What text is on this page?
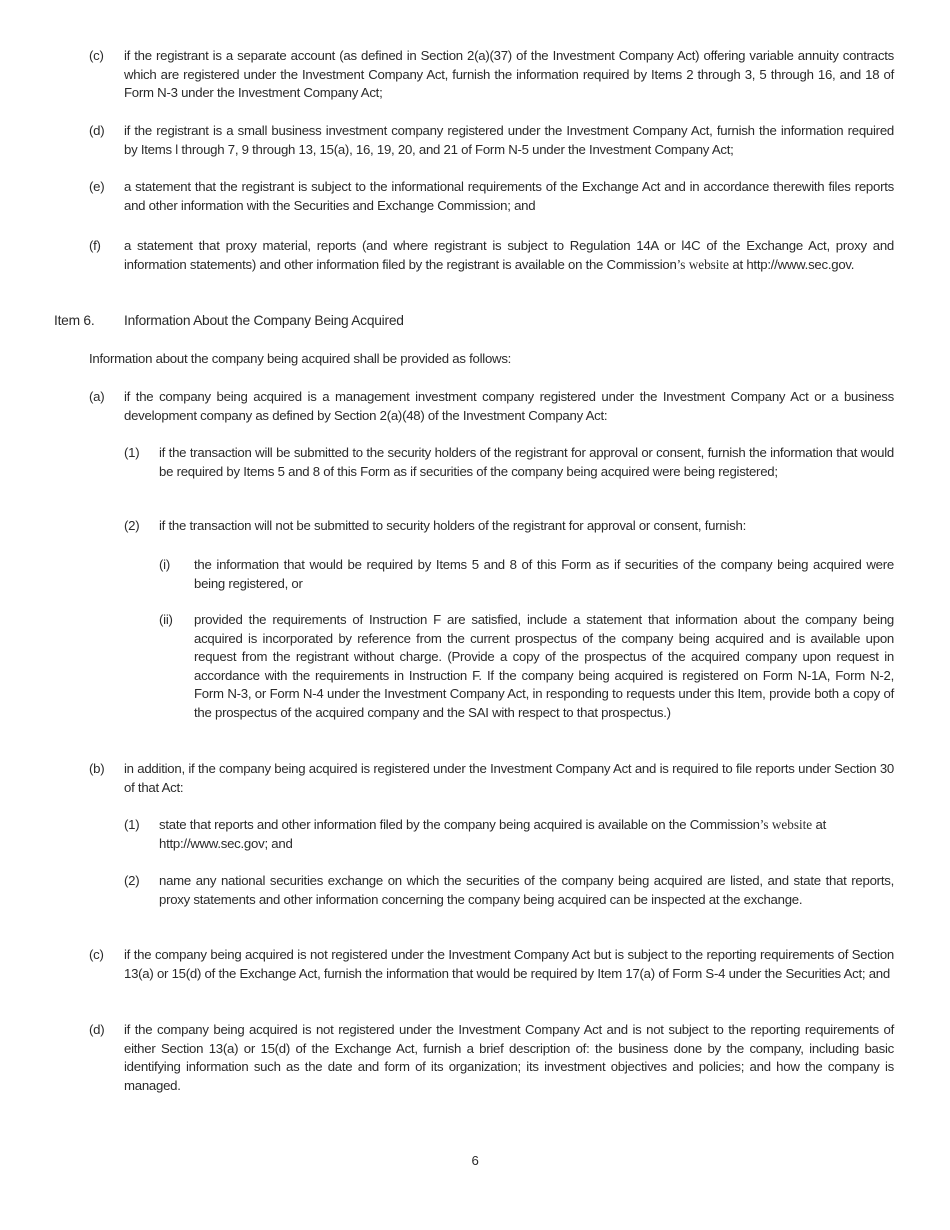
(c) if the registrant is a separate account (as defined in Section 2(a)(37) of the Investment Company Act) offering variable annuity contracts which are registered under the Investment Company Act, furnish the information required by Items 2 through 3, 5 through 16, and 18 of Form N-3 under the Investment Company Act;
(d) if the registrant is a small business investment company registered under the Investment Company Act, furnish the information required by Items l through 7, 9 through 13, 15(a), 16, 19, 20, and 21 of Form N-5 under the Investment Company Act;
(e) a statement that the registrant is subject to the informational requirements of the Exchange Act and in accordance therewith files reports and other information with the Securities and Exchange Commission; and
(f) a statement that proxy material, reports (and where registrant is subject to Regulation 14A or l4C of the Exchange Act, proxy and information statements) and other information filed by the registrant is available on the Commission’s website at http://www.sec.gov.
Item 6. Information About the Company Being Acquired
Information about the company being acquired shall be provided as follows:
(a) if the company being acquired is a management investment company registered under the Investment Company Act or a business development company as defined by Section 2(a)(48) of the Investment Company Act:
(1) if the transaction will be submitted to the security holders of the registrant for approval or consent, furnish the information that would be required by Items 5 and 8 of this Form as if securities of the company being acquired were being registered;
(2) if the transaction will not be submitted to security holders of the registrant for approval or consent, furnish:
(i) the information that would be required by Items 5 and 8 of this Form as if securities of the company being acquired were being registered, or
(ii) provided the requirements of Instruction F are satisfied, include a statement that information about the company being acquired is incorporated by reference from the current prospectus of the company being acquired and is available upon request from the registrant without charge. (Provide a copy of the prospectus of the acquired company upon request in accordance with the requirements in Instruction F. If the company being acquired is registered on Form N-1A, Form N-2, Form N-3, or Form N-4 under the Investment Company Act, in responding to requests under this Item, provide both a copy of the prospectus of the acquired company and the SAI with respect to that prospectus.)
(b) in addition, if the company being acquired is registered under the Investment Company Act and is required to file reports under Section 30 of that Act:
(1) state that reports and other information filed by the company being acquired is available on the Commission’s website at http://www.sec.gov; and
(2) name any national securities exchange on which the securities of the company being acquired are listed, and state that reports, proxy statements and other information concerning the company being acquired can be inspected at the exchange.
(c) if the company being acquired is not registered under the Investment Company Act but is subject to the reporting requirements of Section 13(a) or 15(d) of the Exchange Act, furnish the information that would be required by Item 17(a) of Form S-4 under the Securities Act; and
(d) if the company being acquired is not registered under the Investment Company Act and is not subject to the reporting requirements of either Section 13(a) or 15(d) of the Exchange Act, furnish a brief description of: the business done by the company, including basic identifying information such as the date and form of its organization; its investment objectives and policies; and how the company is managed.
6
